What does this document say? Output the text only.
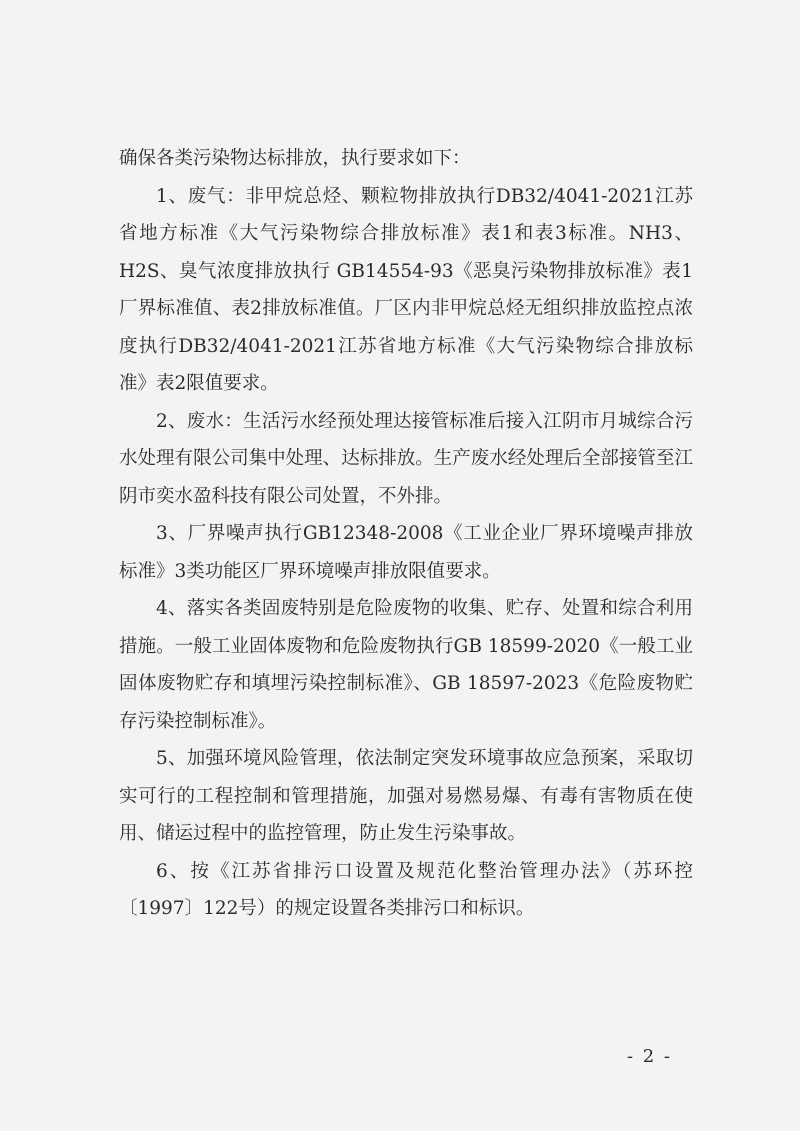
确保各类污染物达标排放，执行要求如下：

1、废气：非甲烷总烃、颗粒物排放执行DB32/4041-2021江苏省地方标准《大气污染物综合排放标准》表1和表3标准。NH3、H2S、臭气浓度排放执行 GB14554-93《恶臭污染物排放标准》表1厂界标准值、表2排放标准值。厂区内非甲烷总烃无组织排放监控点浓度执行DB32/4041-2021江苏省地方标准《大气污染物综合排放标准》表2限值要求。

2、废水：生活污水经预处理达接管标准后接入江阴市月城综合污水处理有限公司集中处理、达标排放。生产废水经处理后全部接管至江阴市奕水盈科技有限公司处置，不外排。

3、厂界噪声执行GB12348-2008《工业企业厂界环境噪声排放标准》3类功能区厂界环境噪声排放限值要求。

4、落实各类固废特别是危险废物的收集、贮存、处置和综合利用措施。一般工业固体废物和危险废物执行GB 18599-2020《一般工业固体废物贮存和填埋污染控制标准》、GB 18597-2023《危险废物贮存污染控制标准》。

5、加强环境风险管理，依法制定突发环境事故应急预案，采取切实可行的工程控制和管理措施，加强对易燃易爆、有毒有害物质在使用、储运过程中的监控管理，防止发生污染事故。

6、按《江苏省排污口设置及规范化整治管理办法》（苏环控〔1997〕122号）的规定设置各类排污口和标识。

- 2 -
